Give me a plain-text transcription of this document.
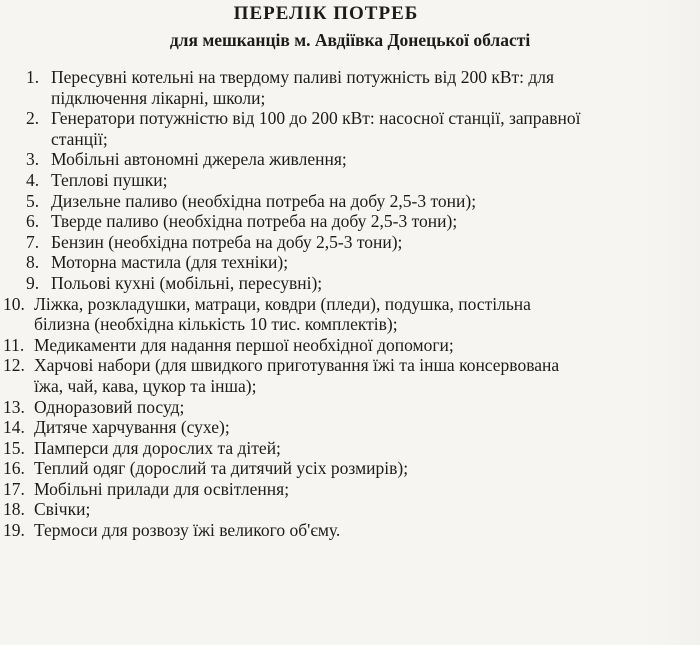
ПЕРЕЛІК ПОТРЕБ
для мешканців м. Авдіївка Донецької області
1. Пересувні котельні на твердому паливі потужність від 200 кВт: для
підключення лікарні, школи;
2. Генератори потужністю від 100 до 200 кВт: насосної станції, заправної
станції;
3. Мобільні автономні джерела живлення;
4. Теплові пушки;
5. Дизельне паливо (необхідна потреба на добу 2,5-3 тони);
6. Тверде паливо (необхідна потреба на добу 2,5-3 тони);
7. Бензин (необхідна потреба на добу 2,5-3 тони);
8. Моторна мастила (для техніки);
9. Польові кухні (мобільні, пересувні);
10. Ліжка, розкладушки, матраци, ковдри (пледи), подушка, постільна
білизна (необхідна кількість 10 тис. комплектів);
11. Медикаменти для надання першої необхідної допомоги;
12. Харчові набори (для швидкого приготування їжі та інша консервована
їжа, чай, кава, цукор та інша);
13. Одноразовий посуд;
14. Дитяче харчування (сухе);
15. Памперси для дорослих та дітей;
16. Теплий одяг (дорослий та дитячий усіх розмирів);
17. Мобільні прилади для освітлення;
18. Свічки;
19. Термоси для розвозу їжі великого об'єму.
